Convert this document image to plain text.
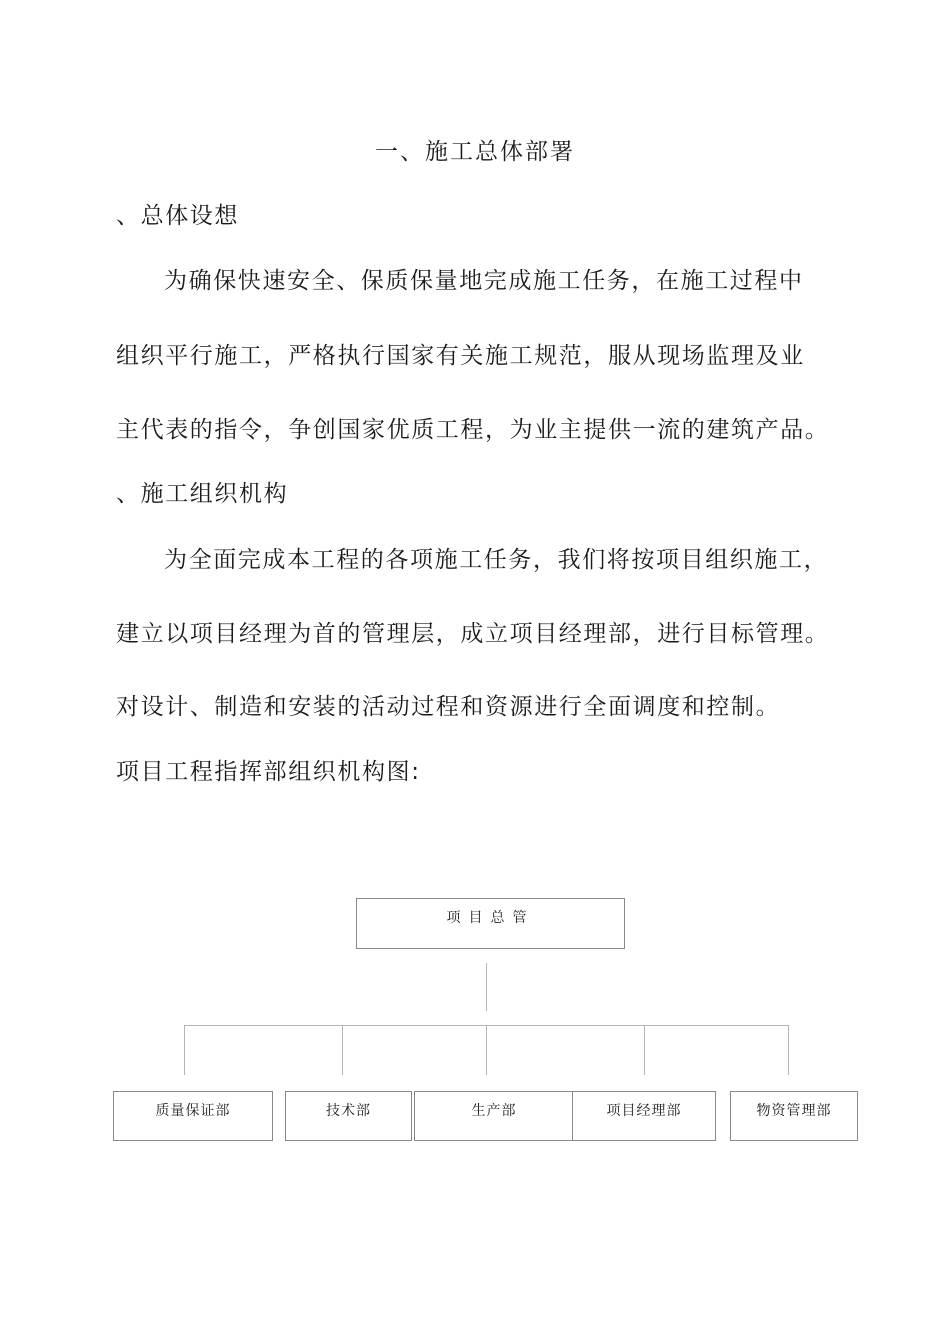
一、施工总体部署
、总体设想
为确保快速安全、保质保量地完成施工任务，在施工过程中
组织平行施工，严格执行国家有关施工规范，服从现场监理及业
主代表的指令，争创国家优质工程，为业主提供一流的建筑产品。
、施工组织机构
为全面完成本工程的各项施工任务，我们将按项目组织施工，
建立以项目经理为首的管理层，成立项目经理部，进行目标管理。
对设计、制造和安装的活动过程和资源进行全面调度和控制。
项目工程指挥部组织机构图:
项目总管
质量保证部	技术部	生产部	项目经理部	物资管理部
